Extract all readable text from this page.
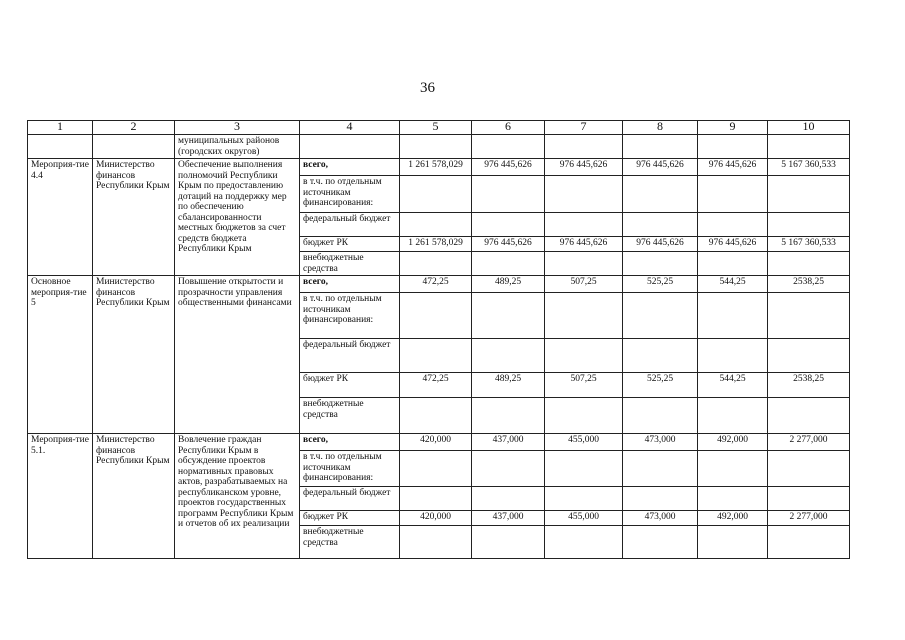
36
1	2	3	4	5	6	7	8	9	10
		муниципальных районов (городских округов)							
Мероприя-тие 4.4	Министерство финансов Республики Крым	Обеспечение выполнения полномочий Республики Крым по предоставлению дотаций на поддержку мер по обеспечению сбалансированности местных бюджетов за счет средств бюджета Республики Крым	всего,	1 261 578,029	976 445,626	976 445,626	976 445,626	976 445,626	5 167 360,533
			в т.ч. по отдельным источникам финансирования:						
			федеральный бюджет						
			бюджет РК	1 261 578,029	976 445,626	976 445,626	976 445,626	976 445,626	5 167 360,533
			внебюджетные средства						
Основное мероприя-тие 5	Министерство финансов Республики Крым	Повышение открытости и прозрачности управления общественными финансами	всего,	472,25	489,25	507,25	525,25	544,25	2538,25
			в т.ч. по отдельным источникам финансирования:						
			федеральный бюджет						
			бюджет РК	472,25	489,25	507,25	525,25	544,25	2538,25
			внебюджетные средства						
Мероприя-тие 5.1.	Министерство финансов Республики Крым	Вовлечение граждан Республики Крым в обсуждение проектов нормативных правовых актов, разрабатываемых на республиканском уровне, проектов государственных программ Республики Крым и отчетов об их реализации	всего,	420,000	437,000	455,000	473,000	492,000	2 277,000
			в т.ч. по отдельным источникам финансирования:						
			федеральный бюджет						
			бюджет РК	420,000	437,000	455,000	473,000	492,000	2 277,000
			внебюджетные средства						
